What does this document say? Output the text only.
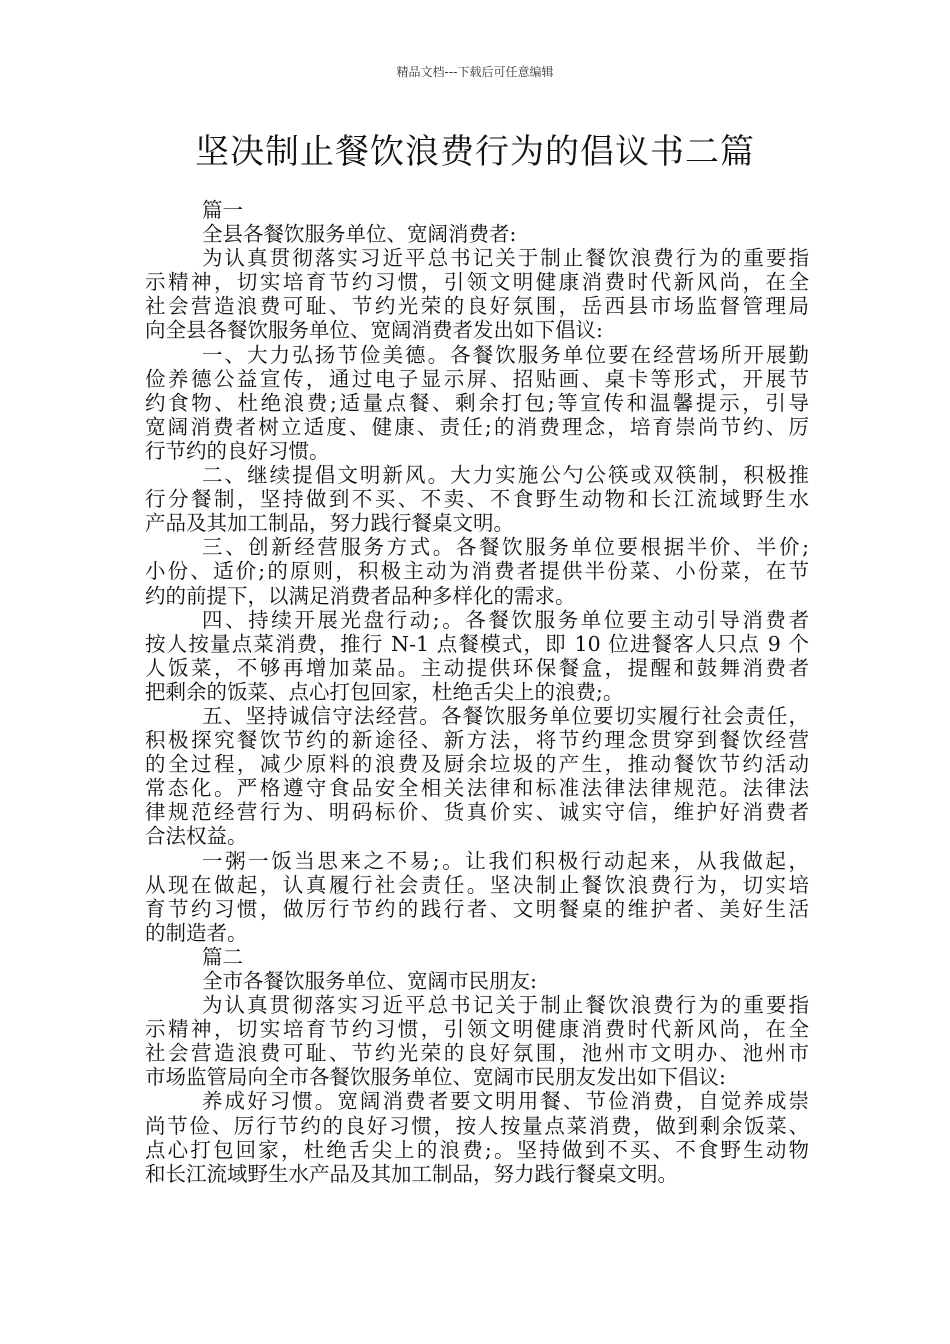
精品文档---下载后可任意编辑
坚决制止餐饮浪费行为的倡议书二篇
篇一
全县各餐饮服务单位、宽阔消费者:
为认真贯彻落实习近平总书记关于制止餐饮浪费行为的重要指
示精神，切实培育节约习惯，引领文明健康消费时代新风尚，在全
社会营造浪费可耻、节约光荣的良好氛围，岳西县市场监督管理局
向全县各餐饮服务单位、宽阔消费者发出如下倡议:
一、大力弘扬节俭美德。各餐饮服务单位要在经营场所开展勤
俭养德公益宣传，通过电子显示屏、招贴画、桌卡等形式，开展节
约食物、杜绝浪费;适量点餐、剩余打包;等宣传和温馨提示，引导
宽阔消费者树立适度、健康、责任;的消费理念，培育崇尚节约、厉
行节约的良好习惯。
二、继续提倡文明新风。大力实施公勺公筷或双筷制，积极推
行分餐制，坚持做到不买、不卖、不食野生动物和长江流域野生水
产品及其加工制品，努力践行餐桌文明。
三、创新经营服务方式。各餐饮服务单位要根据半价、半价;
小份、适价;的原则，积极主动为消费者提供半份菜、小份菜，在节
约的前提下，以满足消费者品种多样化的需求。
四、持续开展光盘行动;。各餐饮服务单位要主动引导消费者
按人按量点菜消费，推行 N-1 点餐模式，即 10 位进餐客人只点 9 个
人饭菜，不够再增加菜品。主动提供环保餐盒，提醒和鼓舞消费者
把剩余的饭菜、点心打包回家，杜绝舌尖上的浪费;。
五、坚持诚信守法经营。各餐饮服务单位要切实履行社会责任，
积极探究餐饮节约的新途径、新方法，将节约理念贯穿到餐饮经营
的全过程，减少原料的浪费及厨余垃圾的产生，推动餐饮节约活动
常态化。严格遵守食品安全相关法律和标准法律法律规范。法律法
律规范经营行为、明码标价、货真价实、诚实守信，维护好消费者
合法权益。
一粥一饭当思来之不易;。让我们积极行动起来，从我做起，
从现在做起，认真履行社会责任。坚决制止餐饮浪费行为，切实培
育节约习惯，做厉行节约的践行者、文明餐桌的维护者、美好生活
的制造者。
篇二
全市各餐饮服务单位、宽阔市民朋友:
为认真贯彻落实习近平总书记关于制止餐饮浪费行为的重要指
示精神，切实培育节约习惯，引领文明健康消费时代新风尚，在全
社会营造浪费可耻、节约光荣的良好氛围，池州市文明办、池州市
市场监管局向全市各餐饮服务单位、宽阔市民朋友发出如下倡议:
养成好习惯。宽阔消费者要文明用餐、节俭消费，自觉养成崇
尚节俭、厉行节约的良好习惯，按人按量点菜消费，做到剩余饭菜、
点心打包回家，杜绝舌尖上的浪费;。坚持做到不买、不食野生动物
和长江流域野生水产品及其加工制品，努力践行餐桌文明。
